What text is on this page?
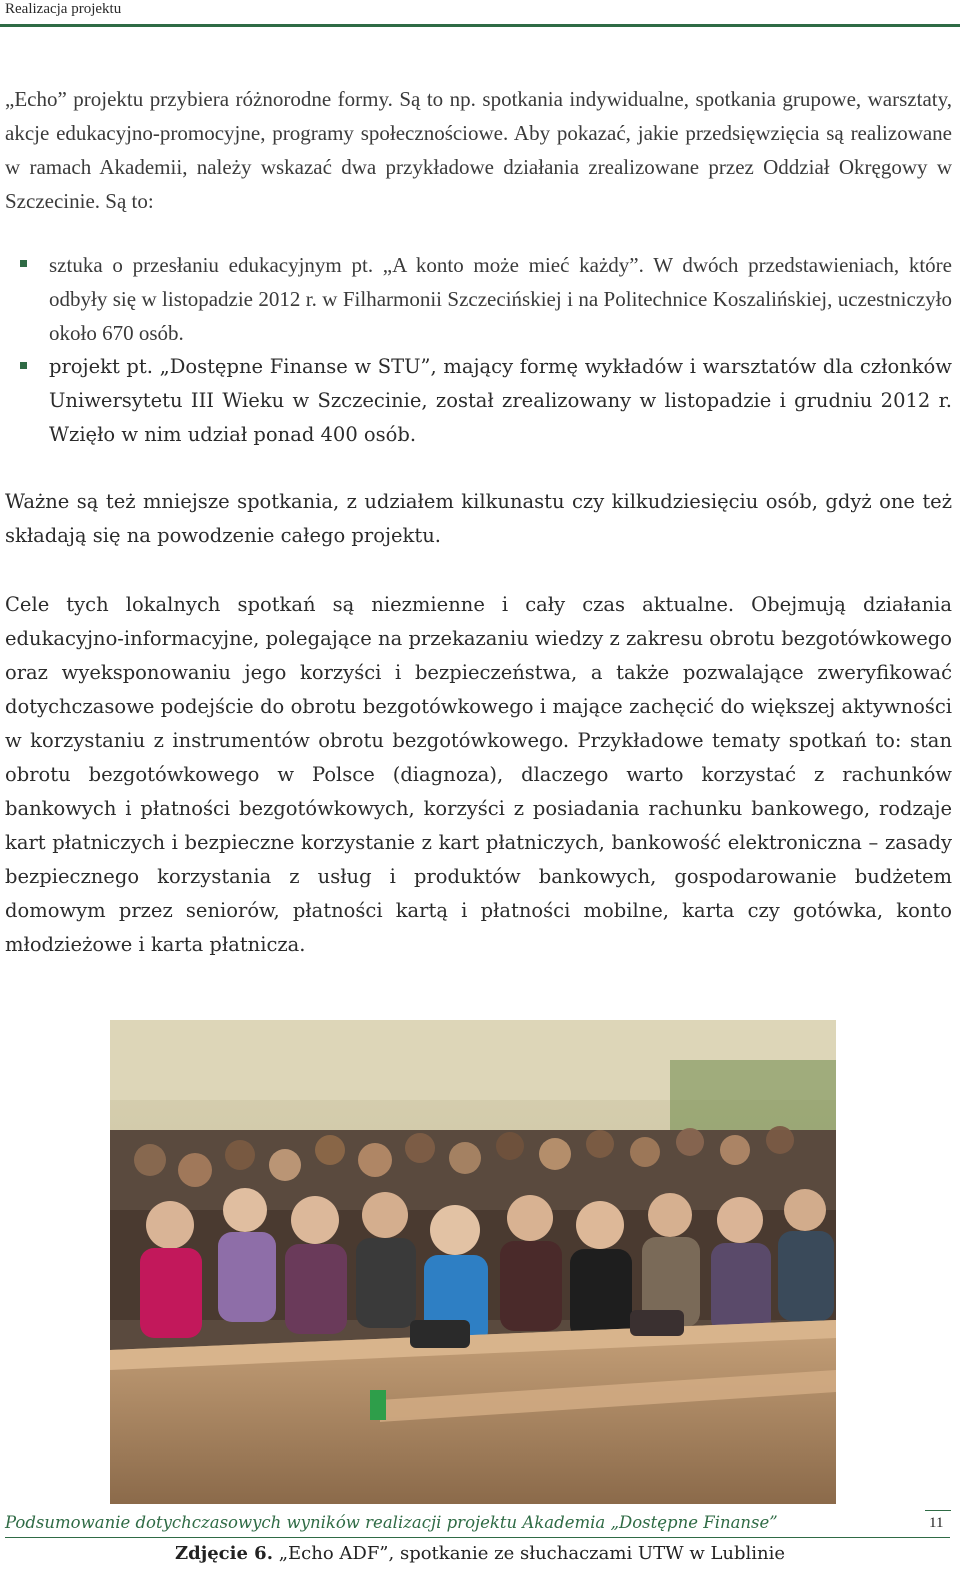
Realizacja projektu
„Echo” projektu przybiera różnorodne formy. Są to np. spotkania indywidualne, spotkania grupowe, warsztaty, akcje edukacyjno-promocyjne, programy społecznościowe. Aby pokazać, jakie przedsięwzięcia są realizowane w ramach Akademii, należy wskazać dwa przykładowe działania zrealizowane przez Oddział Okręgowy w Szczecinie. Są to:
sztuka o przesłaniu edukacyjnym pt. „A konto może mieć każdy”. W dwóch przedstawieniach, które odbyły się w listopadzie 2012 r. w Filharmonii Szczecińskiej i na Politechnice Koszalińskiej, uczestniczyło około 670 osób.
projekt pt. „Dostępne Finanse w STU”, mający formę wykładów i warsztatów dla członków Uniwersytetu III Wieku w Szczecinie, został zrealizowany w listopadzie i grudniu 2012 r. Wzięło w nim udział ponad 400 osób.
Ważne są też mniejsze spotkania, z udziałem kilkunastu czy kilkudziesięciu osób, gdyż one też składają się na powodzenie całego projektu.
Cele tych lokalnych spotkań są niezmienne i cały czas aktualne. Obejmują działania edukacyjno-informacyjne, polegające na przekazaniu wiedzy z zakresu obrotu bezgotówkowego oraz wyeksponowaniu jego korzyści i bezpieczeństwa, a także pozwalające zweryfikować dotychczasowe podejście do obrotu bezgotówkowego i mające zachęcić do większej aktywności w korzystaniu z instrumentów obrotu bezgotówkowego. Przykładowe tematy spotkań to: stan obrotu bezgotówkowego w Polsce (diagnoza), dlaczego warto korzystać z rachunków bankowych i płatności bezgotówkowych, korzyści z posiadania rachunku bankowego, rodzaje kart płatniczych i bezpieczne korzystanie z kart płatniczych, bankowość elektroniczna – zasady bezpiecznego korzystania z usług i produktów bankowych, gospodarowanie budżetem domowym przez seniorów, płatności kartą i płatności mobilne, karta czy gotówka, konto młodzieżowe i karta płatnicza.
Podsumowanie dotychczasowych wyników realizacji projektu Akademia „Dostępne Finanse”	11
Zdjęcie 6. „Echo ADF”, spotkanie ze słuchaczami UTW w Lublinie
